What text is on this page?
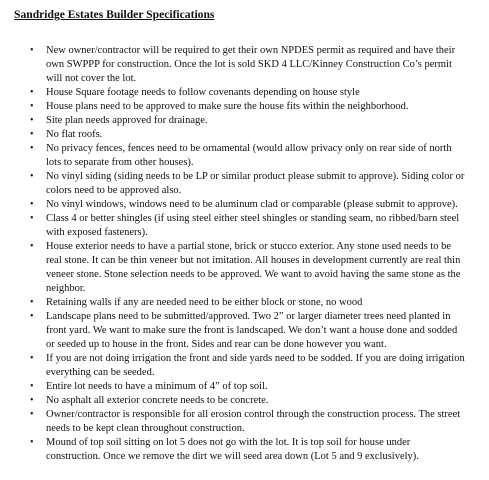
Sandridge Estates Builder Specifications
• New owner/contractor will be required to get their own NPDES permit as required and have their own SWPPP for construction. Once the lot is sold SKD 4 LLC/Kinney Construction Co’s permit will not cover the lot.
• House Square footage needs to follow covenants depending on house style
• House plans need to be approved to make sure the house fits within the neighborhood.
• Site plan needs approved for drainage.
• No flat roofs.
• No privacy fences, fences need to be ornamental (would allow privacy only on rear side of north lots to separate from other houses).
• No vinyl siding (siding needs to be LP or similar product please submit to approve). Siding color or colors need to be approved also.
• No vinyl windows, windows need to be aluminum clad or comparable (please submit to approve).
• Class 4 or better shingles (if using steel either steel shingles or standing seam, no ribbed/barn steel with exposed fasteners).
• House exterior needs to have a partial stone, brick or stucco exterior. Any stone used needs to be real stone. It can be thin veneer but not imitation. All houses in development currently are real thin veneer stone. Stone selection needs to be approved. We want to avoid having the same stone as the neighbor.
• Retaining walls if any are needed need to be either block or stone, no wood
• Landscape plans need to be submitted/approved. Two 2” or larger diameter trees need planted in front yard. We want to make sure the front is landscaped. We don’t want a house done and sodded or seeded up to house in the front. Sides and rear can be done however you want.
• If you are not doing irrigation the front and side yards need to be sodded. If you are doing irrigation everything can be seeded.
• Entire lot needs to have a minimum of 4” of top soil.
• No asphalt all exterior concrete needs to be concrete.
• Owner/contractor is responsible for all erosion control through the construction process. The street needs to be kept clean throughout construction.
• Mound of top soil sitting on lot 5 does not go with the lot. It is top soil for house under construction. Once we remove the dirt we will seed area down (Lot 5 and 9 exclusively).
